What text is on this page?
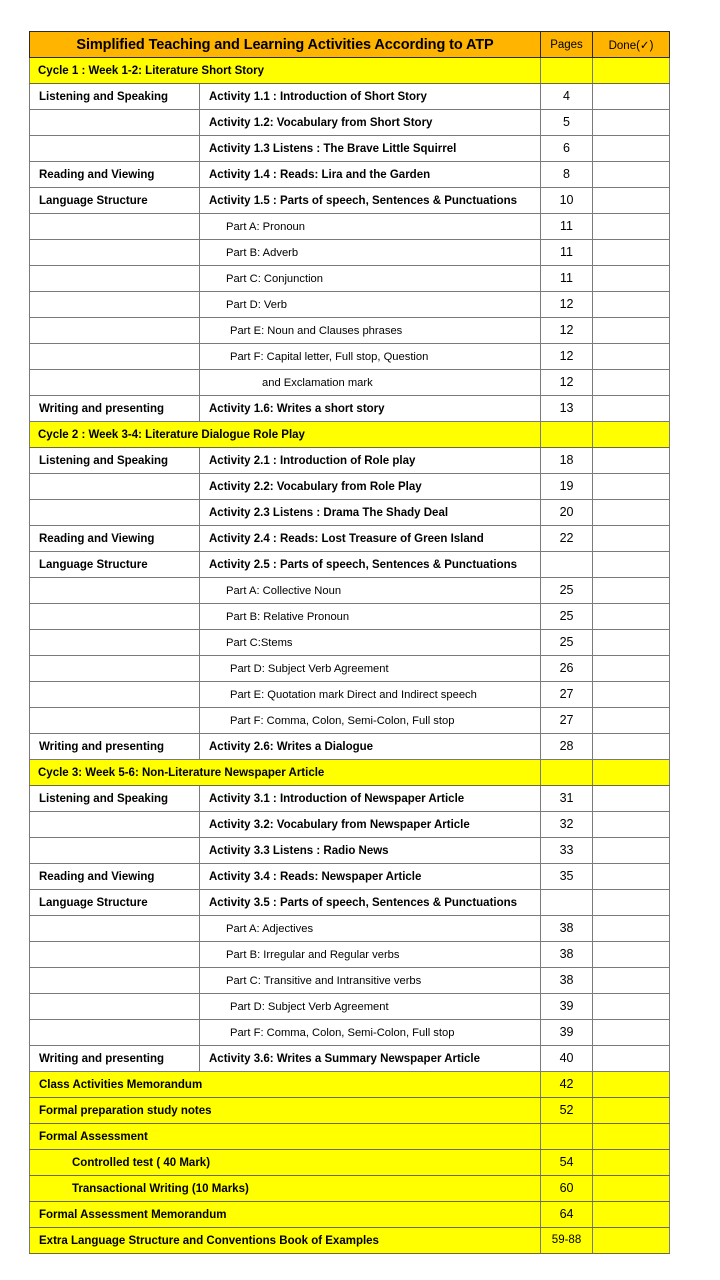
Simplified Teaching and Learning Activities According to ATP		Pages	Done(✓)
Cycle 1 : Week 1-2: Literature Short Story			
Listening and Speaking	Activity 1.1 : Introduction of Short Story	4	
	Activity 1.2: Vocabulary from Short Story	5	
	Activity 1.3 Listens : The Brave Little Squirrel	6	
Reading and Viewing	Activity 1.4 : Reads: Lira and the Garden	8	
Language Structure	Activity 1.5 : Parts of speech, Sentences & Punctuations	10	
	Part A: Pronoun	11	
	Part B: Adverb	11	
	Part C: Conjunction	11	
	Part D: Verb	12	
	Part E: Noun and Clauses phrases	12	
	Part F: Capital letter, Full stop, Question	12	
	and Exclamation mark	12	
Writing and presenting	Activity 1.6: Writes a short story	13	
Cycle 2 : Week 3-4: Literature Dialogue Role Play			
Listening and Speaking	Activity 2.1 : Introduction of Role play	18	
	Activity 2.2: Vocabulary from Role Play	19	
	Activity 2.3 Listens : Drama The Shady Deal	20	
Reading and Viewing	Activity 2.4 : Reads: Lost Treasure of Green Island	22	
Language Structure	Activity 2.5 : Parts of speech, Sentences & Punctuations		
	Part A: Collective Noun	25	
	Part B: Relative Pronoun	25	
	Part C:Stems	25	
	Part D: Subject Verb Agreement	26	
	Part E: Quotation mark Direct and Indirect speech	27	
	Part F: Comma, Colon, Semi-Colon, Full stop	27	
Writing and presenting	Activity 2.6: Writes a Dialogue	28	
Cycle 3: Week 5-6: Non-Literature Newspaper Article			
Listening and Speaking	Activity 3.1 : Introduction of Newspaper Article	31	
	Activity 3.2: Vocabulary from Newspaper Article	32	
	Activity 3.3 Listens : Radio News	33	
Reading and Viewing	Activity 3.4 : Reads: Newspaper Article	35	
Language Structure	Activity 3.5 : Parts of speech, Sentences & Punctuations		
	Part A: Adjectives	38	
	Part B: Irregular and Regular verbs	38	
	Part C: Transitive and Intransitive verbs	38	
	Part D: Subject Verb Agreement	39	
	Part F: Comma, Colon, Semi-Colon, Full stop	39	
Writing and presenting	Activity 3.6: Writes a Summary Newspaper Article	40	
Class Activities Memorandum		42	
Formal preparation study notes		52	
Formal Assessment			
Controlled test ( 40 Mark)		54	
Transactional Writing (10 Marks)		60	
Formal Assessment Memorandum		64	
Extra Language Structure and Conventions Book of Examples		59-88	
